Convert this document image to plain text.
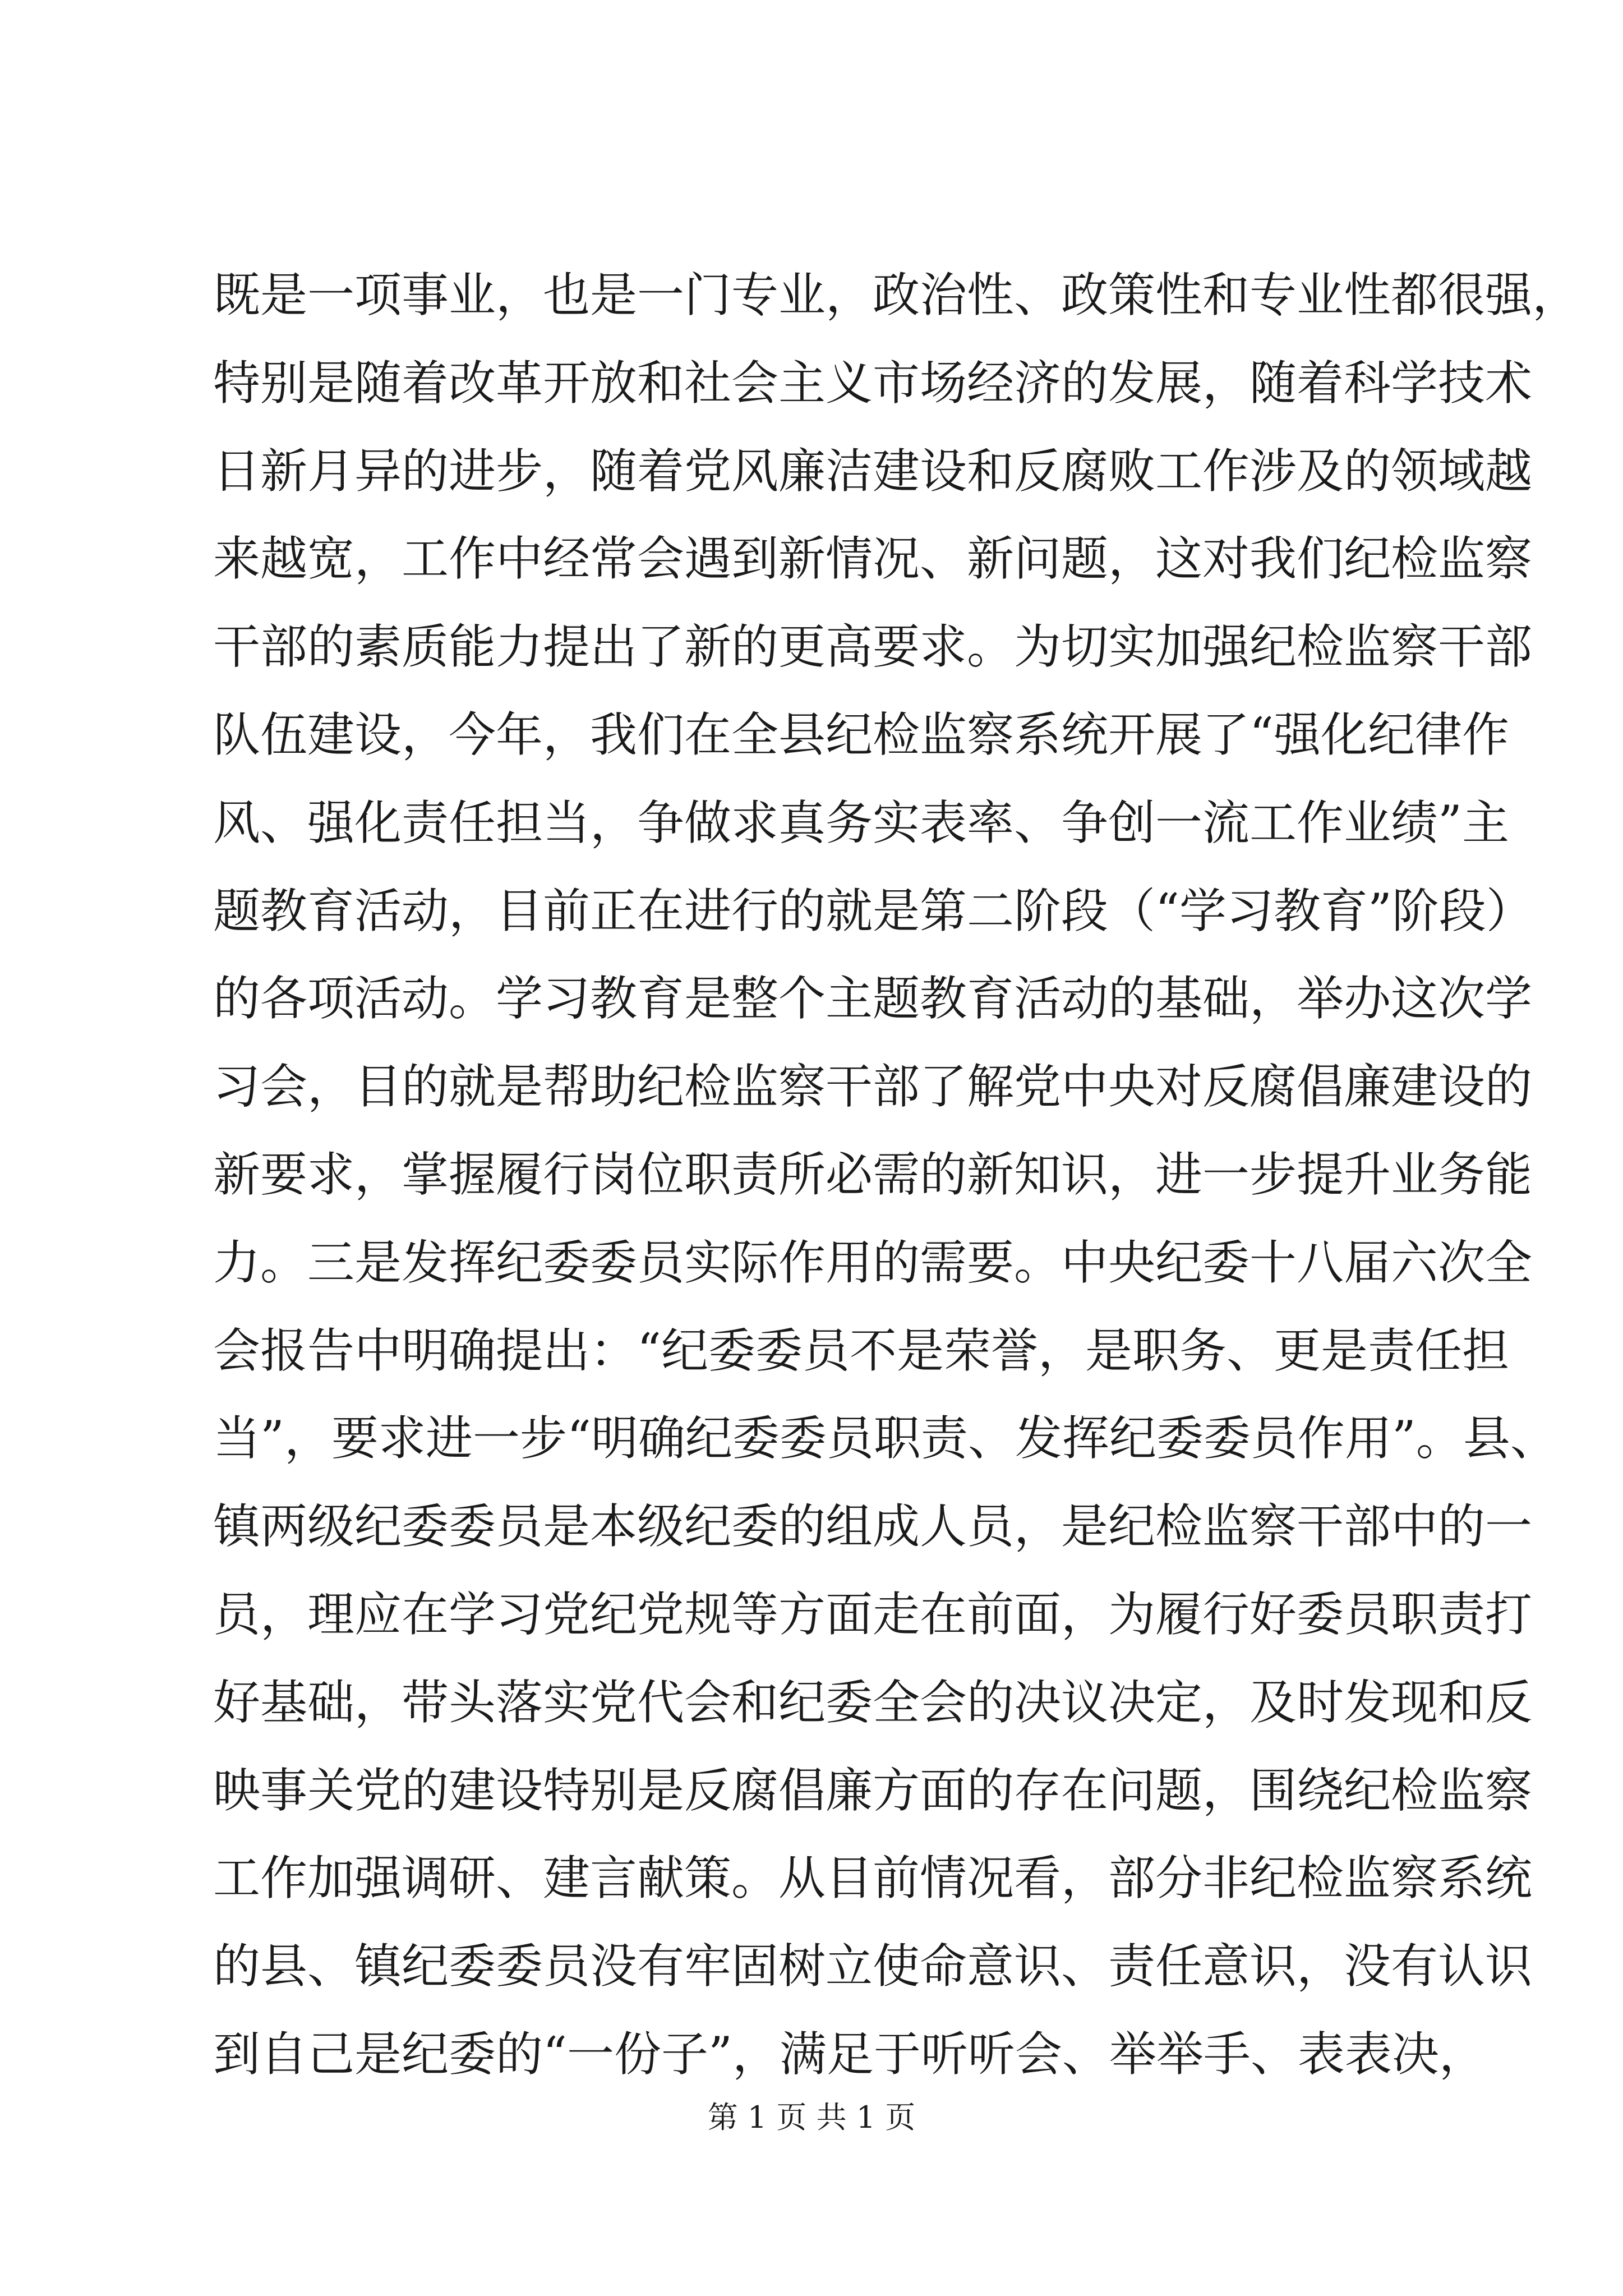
既是一项事业，也是一门专业，政治性、政策性和专业性都很强，
特别是随着改革开放和社会主义市场经济的发展，随着科学技术
日新月异的进步，随着党风廉洁建设和反腐败工作涉及的领域越
来越宽，工作中经常会遇到新情况、新问题，这对我们纪检监察
干部的素质能力提出了新的更高要求。为切实加强纪检监察干部
队伍建设，今年，我们在全县纪检监察系统开展了“强化纪律作
风、强化责任担当，争做求真务实表率、争创一流工作业绩”主
题教育活动，目前正在进行的就是第二阶段（“学习教育”阶段）
的各项活动。学习教育是整个主题教育活动的基础，举办这次学
习会，目的就是帮助纪检监察干部了解党中央对反腐倡廉建设的
新要求，掌握履行岗位职责所必需的新知识，进一步提升业务能
力。三是发挥纪委委员实际作用的需要。中央纪委十八届六次全
会报告中明确提出：“纪委委员不是荣誉，是职务、更是责任担
当”，要求进一步“明确纪委委员职责、发挥纪委委员作用”。县、
镇两级纪委委员是本级纪委的组成人员，是纪检监察干部中的一
员，理应在学习党纪党规等方面走在前面，为履行好委员职责打
好基础，带头落实党代会和纪委全会的决议决定，及时发现和反
映事关党的建设特别是反腐倡廉方面的存在问题，围绕纪检监察
工作加强调研、建言献策。从目前情况看，部分非纪检监察系统
的县、镇纪委委员没有牢固树立使命意识、责任意识，没有认识
到自己是纪委的“一份子”，满足于听听会、举举手、表表决，
第 1 页 共 1 页
